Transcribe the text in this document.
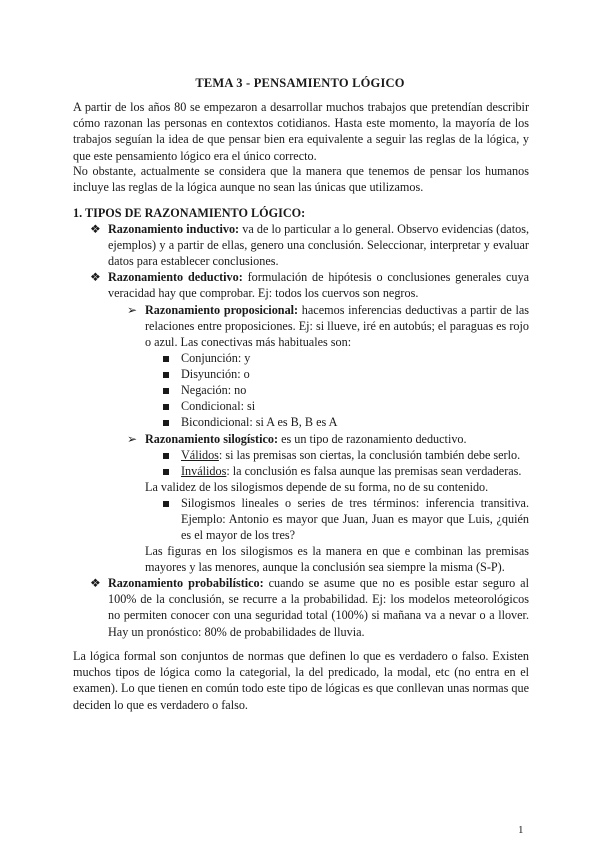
TEMA 3 - PENSAMIENTO LÓGICO
A partir de los años 80 se empezaron a desarrollar muchos trabajos que pretendían describir cómo razonan las personas en contextos cotidianos. Hasta este momento, la mayoría de los trabajos seguían la idea de que pensar bien era equivalente a seguir las reglas de la lógica, y que este pensamiento lógico era el único correcto.
No obstante, actualmente se considera que la manera que tenemos de pensar los humanos incluye las reglas de la lógica aunque no sean las únicas que utilizamos.
1. TIPOS DE RAZONAMIENTO LÓGICO:
❖ Razonamiento inductivo: va de lo particular a lo general. Observo evidencias (datos, ejemplos) y a partir de ellas, genero una conclusión. Seleccionar, interpretar y evaluar datos para establecer conclusiones.
❖ Razonamiento deductivo: formulación de hipótesis o conclusiones generales cuya veracidad hay que comprobar. Ej: todos los cuervos son negros.
➢ Razonamiento proposicional: hacemos inferencias deductivas a partir de las relaciones entre proposiciones. Ej: si llueve, iré en autobús; el paraguas es rojo o azul. Las conectivas más habituales son:
Conjunción: y
Disyunción: o
Negación: no
Condicional: si
Bicondicional: si A es B, B es A
➢ Razonamiento silogístico: es un tipo de razonamiento deductivo.
Válidos: si las premisas son ciertas, la conclusión también debe serlo.
Inválidos: la conclusión es falsa aunque las premisas sean verdaderas.
La validez de los silogismos depende de su forma, no de su contenido.
Silogismos lineales o series de tres términos: inferencia transitiva. Ejemplo: Antonio es mayor que Juan, Juan es mayor que Luis, ¿quién es el mayor de los tres?
Las figuras en los silogismos es la manera en que e combinan las premisas mayores y las menores, aunque la conclusión sea siempre la misma (S-P).
❖ Razonamiento probabilístico: cuando se asume que no es posible estar seguro al 100% de la conclusión, se recurre a la probabilidad. Ej: los modelos meteorológicos no permiten conocer con una seguridad total (100%) si mañana va a nevar o a llover. Hay un pronóstico: 80% de probabilidades de lluvia.
La lógica formal son conjuntos de normas que definen lo que es verdadero o falso. Existen muchos tipos de lógica como la categorial, la del predicado, la modal, etc (no entra en el examen). Lo que tienen en común todo este tipo de lógicas es que conllevan unas normas que deciden lo que es verdadero o falso.
1
